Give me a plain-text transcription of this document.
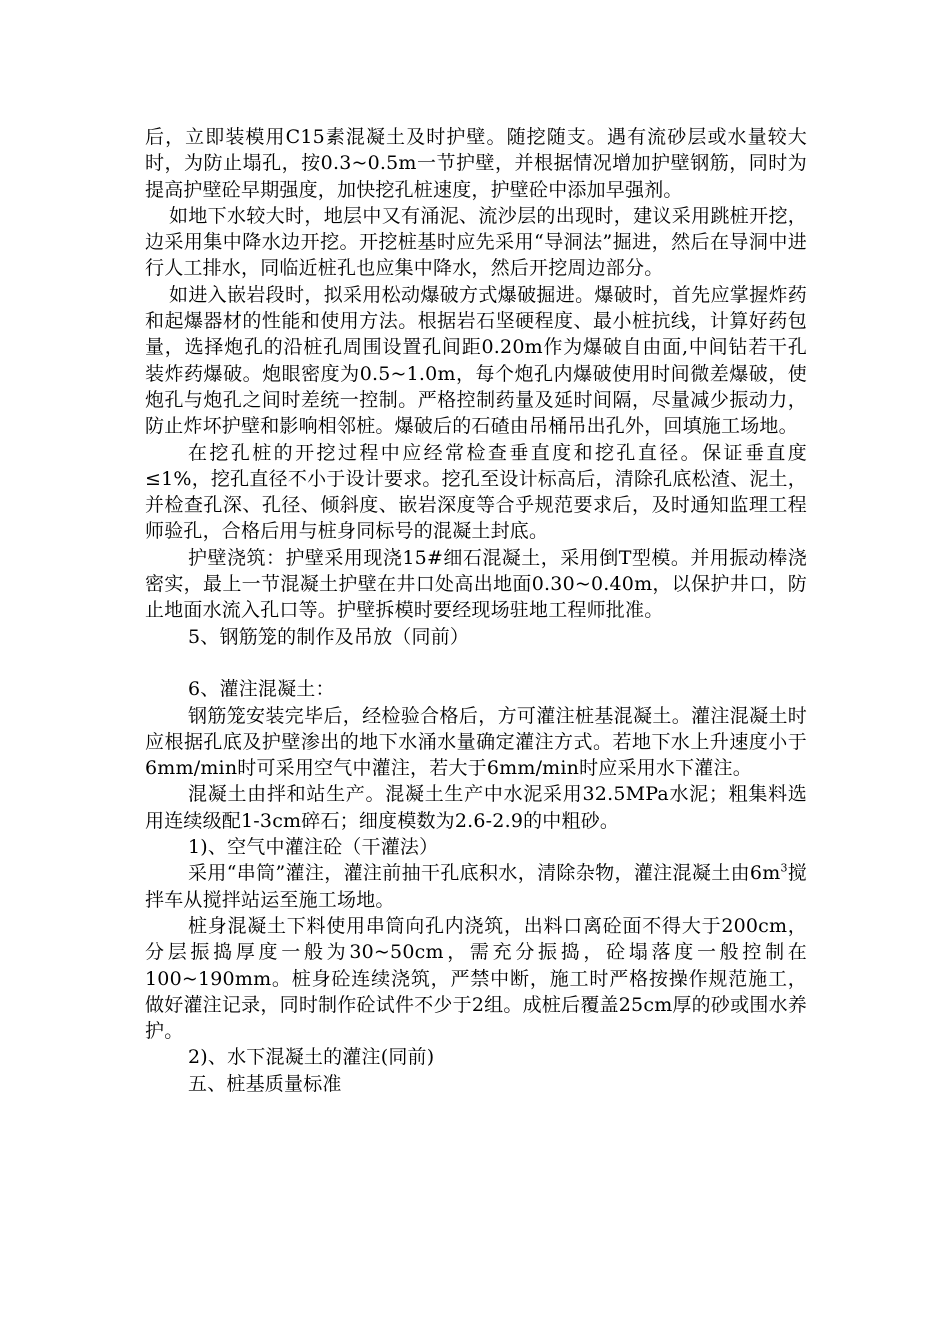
后，立即装模用C15素混凝土及时护壁。随挖随支。遇有流砂层或水量较大时，为防止塌孔，按0.3~0.5m一节护壁，并根据情况增加护壁钢筋，同时为提高护壁砼早期强度，加快挖孔桩速度，护壁砼中添加早强剂。

如地下水较大时，地层中又有涌泥、流沙层的出现时，建议采用跳桩开挖，边采用集中降水边开挖。开挖桩基时应先采用“导洞法”掘进，然后在导洞中进行人工排水，同临近桩孔也应集中降水，然后开挖周边部分。

如进入嵌岩段时，拟采用松动爆破方式爆破掘进。爆破时，首先应掌握炸药和起爆器材的性能和使用方法。根据岩石坚硬程度、最小桩抗线，计算好药包量，选择炮孔的沿桩孔周围设置孔间距0.20m作为爆破自由面,中间钻若干孔装炸药爆破。炮眼密度为0.5~1.0m，每个炮孔内爆破使用时间微差爆破，使炮孔与炮孔之间时差统一控制。严格控制药量及延时间隔，尽量减少振动力，防止炸坏护壁和影响相邻桩。爆破后的石碴由吊桶吊出孔外，回填施工场地。

在挖孔桩的开挖过程中应经常检查垂直度和挖孔直径。保证垂直度≤1%，挖孔直径不小于设计要求。挖孔至设计标高后，清除孔底松渣、泥土，并检查孔深、孔径、倾斜度、嵌岩深度等合乎规范要求后，及时通知监理工程师验孔，合格后用与桩身同标号的混凝土封底。

护壁浇筑：护壁采用现浇15#细石混凝土，采用倒T型模。并用振动棒浇密实，最上一节混凝土护壁在井口处高出地面0.30~0.40m，以保护井口，防止地面水流入孔口等。护壁拆模时要经现场驻地工程师批准。

5、钢筋笼的制作及吊放（同前）

6、灌注混凝土：

钢筋笼安装完毕后，经检验合格后，方可灌注桩基混凝土。灌注混凝土时应根据孔底及护壁渗出的地下水涌水量确定灌注方式。若地下水上升速度小于6mm/min时可采用空气中灌注，若大于6mm/min时应采用水下灌注。

混凝土由拌和站生产。混凝土生产中水泥采用32.5MPa水泥；粗集料选用连续级配1-3cm碎石；细度模数为2.6-2.9的中粗砂。

1)、空气中灌注砼（干灌法）

采用“串筒”灌注，灌注前抽干孔底积水，清除杂物，灌注混凝土由$6m^3$搅拌车从搅拌站运至施工场地。

桩身混凝土下料使用串筒向孔内浇筑，出料口离砼面不得大于200cm，分层振捣厚度一般为30~50cm，需充分振捣，砼塌落度一般控制在100~190mm。桩身砼连续浇筑，严禁中断，施工时严格按操作规范施工，做好灌注记录，同时制作砼试件不少于2组。成桩后覆盖25cm厚的砂或围水养护。

2)、水下混凝土的灌注(同前)

五、桩基质量标准
